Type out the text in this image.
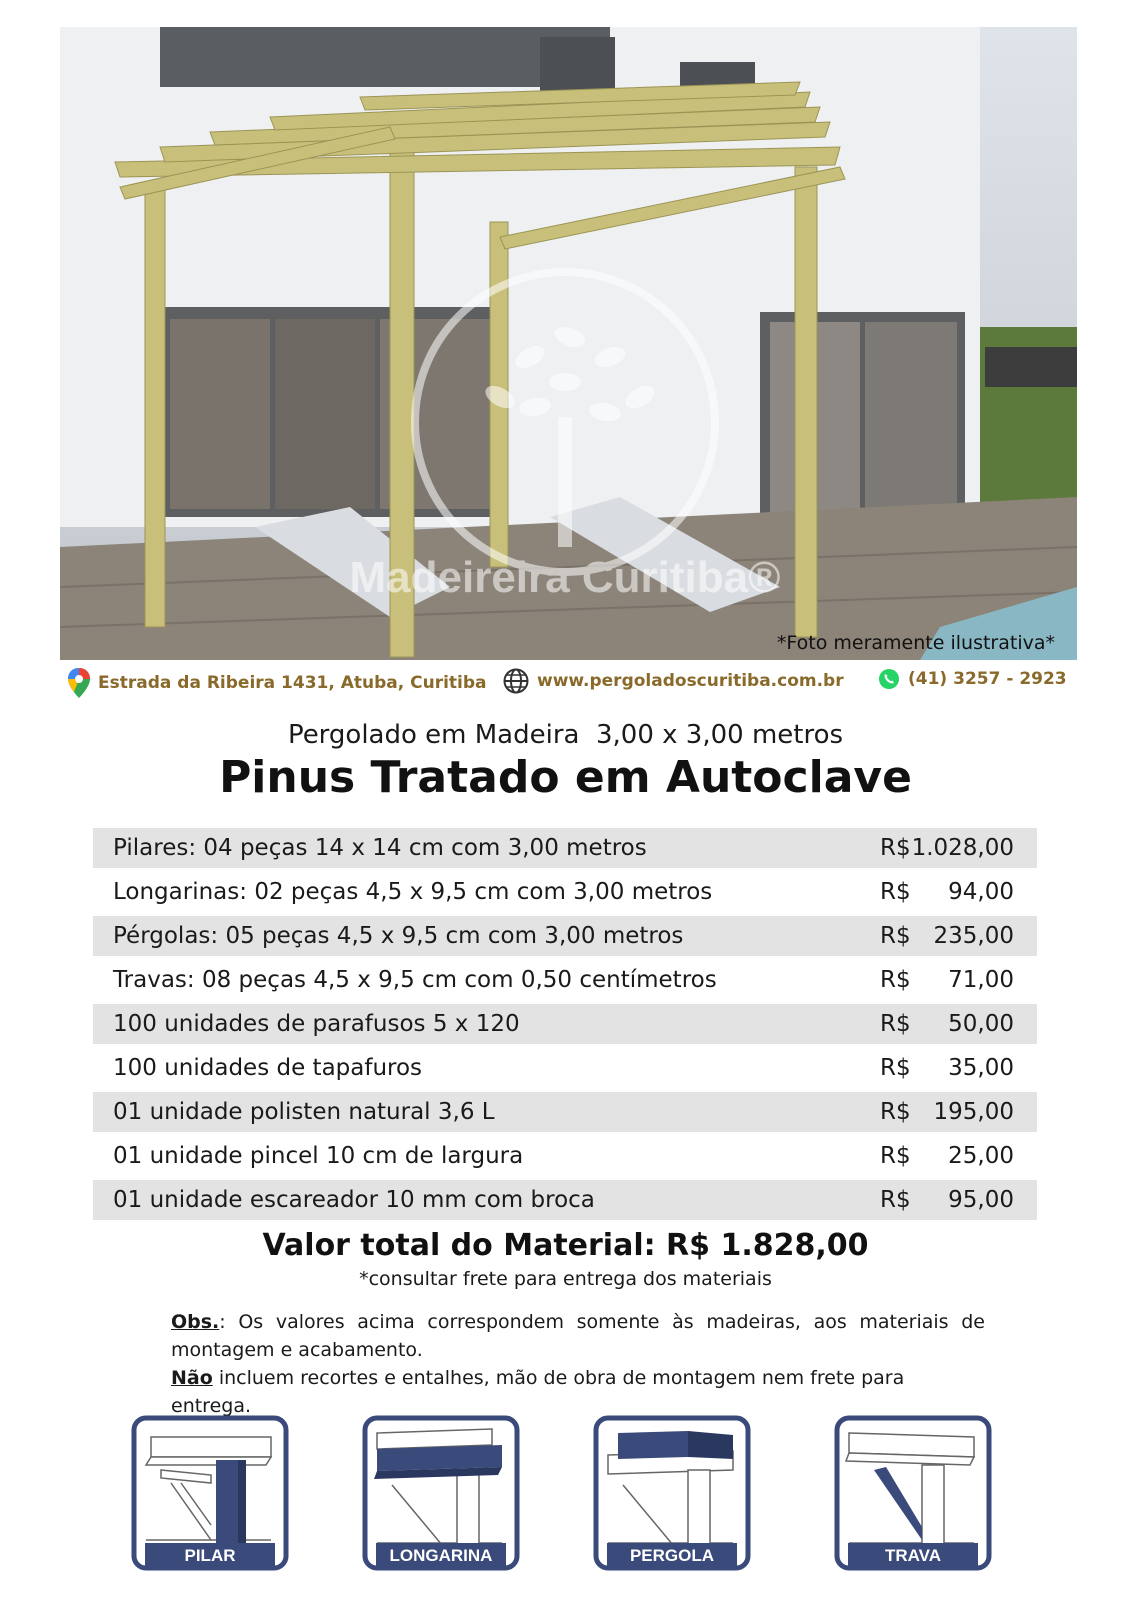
Madeireira Curitiba®
*Foto meramente ilustrativa*
Estrada da Ribeira 1431, Atuba, Curitiba	www.pergoladoscuritiba.com.br	(41) 3257 - 2923
Pergolado em Madeira  3,00 x 3,00 metros
Pinus Tratado em Autoclave
Pilares: 04 peças 14 x 14 cm com 3,00 metros	R$ 1.028,00
Longarinas: 02 peças 4,5 x 9,5 cm com 3,00 metros	R$ 94,00
Pérgolas: 05 peças 4,5 x 9,5 cm com 3,00 metros	R$ 235,00
Travas: 08 peças 4,5 x 9,5 cm com 0,50 centímetros	R$ 71,00
100 unidades de parafusos 5 x 120	R$ 50,00
100 unidades de tapafuros	R$ 35,00
01 unidade polisten natural 3,6 L	R$ 195,00
01 unidade pincel 10 cm de largura	R$ 25,00
01 unidade escareador 10 mm com broca	R$ 95,00
Valor total do Material: R$ 1.828,00
*consultar frete para entrega dos materiais
Obs.: Os valores acima correspondem somente às madeiras, aos materiais de montagem e acabamento.
Não incluem recortes e entalhes, mão de obra de montagem nem frete para entrega.
PILAR	LONGARINA	PERGOLA	TRAVA
